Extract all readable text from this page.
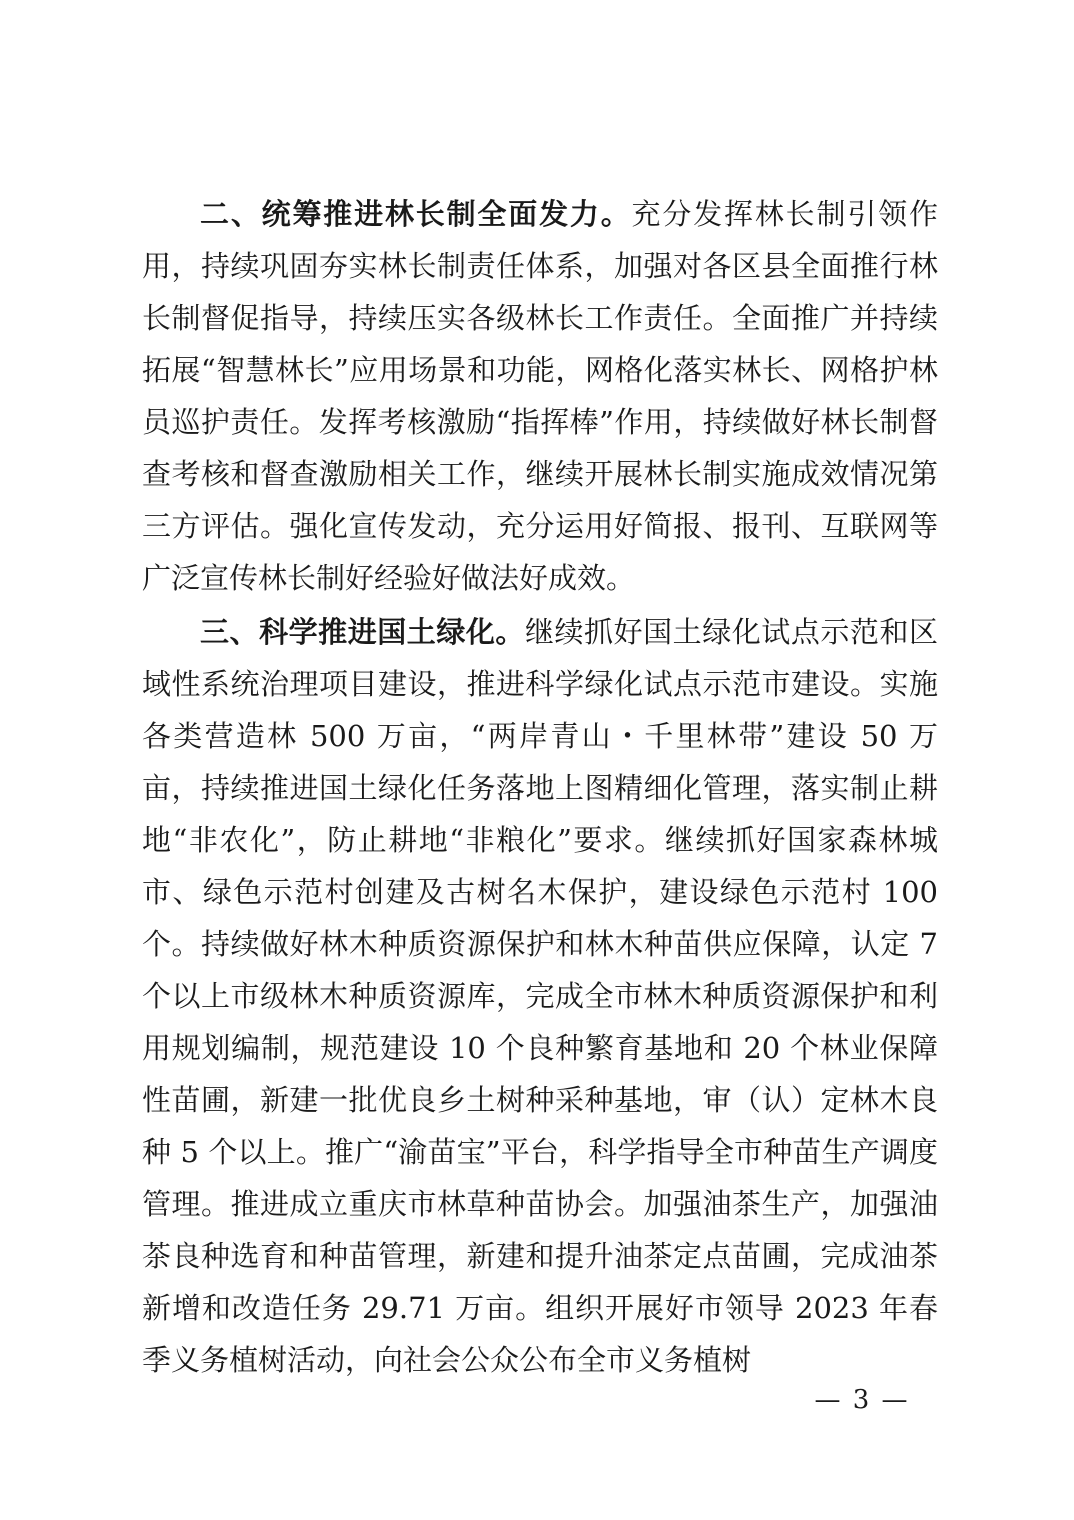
二、统筹推进林长制全面发力。充分发挥林长制引领作用，持续巩固夯实林长制责任体系，加强对各区县全面推行林长制督促指导，持续压实各级林长工作责任。全面推广并持续拓展“智慧林长”应用场景和功能，网格化落实林长、网格护林员巡护责任。发挥考核激励“指挥棒”作用，持续做好林长制督查考核和督查激励相关工作，继续开展林长制实施成效情况第三方评估。强化宣传发动，充分运用好简报、报刊、互联网等广泛宣传林长制好经验好做法好成效。

三、科学推进国土绿化。继续抓好国土绿化试点示范和区域性系统治理项目建设，推进科学绿化试点示范市建设。实施各类营造林 500 万亩，“两岸青山・千里林带”建设 50 万亩，持续推进国土绿化任务落地上图精细化管理，落实制止耕地“非农化”，防止耕地“非粮化”要求。继续抓好国家森林城市、绿色示范村创建及古树名木保护，建设绿色示范村 100 个。持续做好林木种质资源保护和林木种苗供应保障，认定 7 个以上市级林木种质资源库，完成全市林木种质资源保护和利用规划编制，规范建设 10 个良种繁育基地和 20 个林业保障性苗圃，新建一批优良乡土树种采种基地，审（认）定林木良种 5 个以上。推广“渝苗宝”平台，科学指导全市种苗生产调度管理。推进成立重庆市林草种苗协会。加强油茶生产，加强油茶良种选育和种苗管理，新建和提升油茶定点苗圃，完成油茶新增和改造任务 29.71 万亩。组织开展好市领导 2023 年春季义务植树活动，向社会公众公布全市义务植树

— 3 —
